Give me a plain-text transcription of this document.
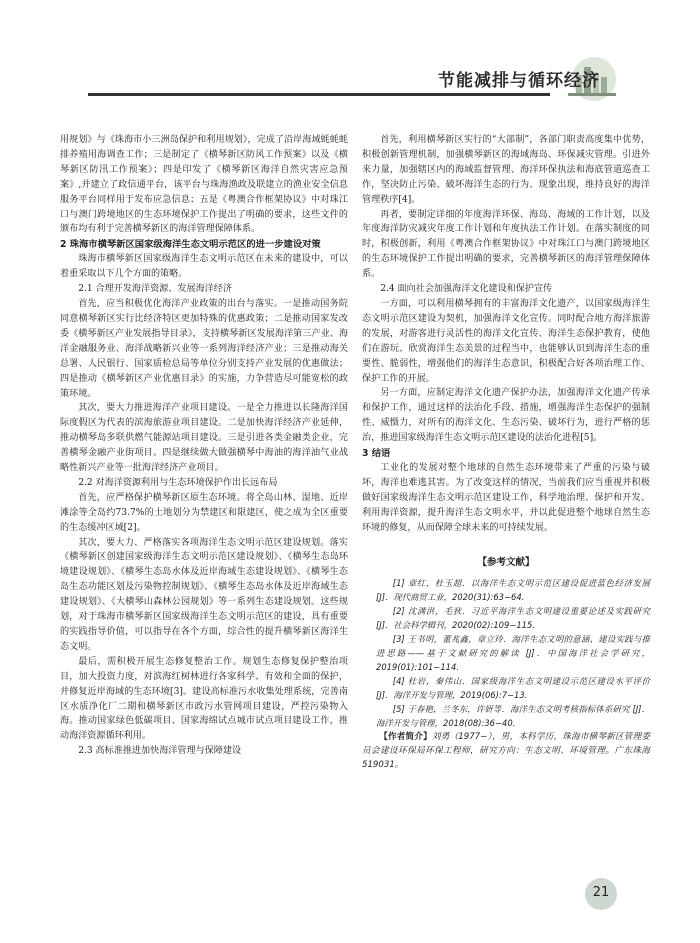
节能减排与循环经济

用规划》与《珠海市小三洲岛保护和利用规划》，完成了沿岸海域蚝蚝蚝排养殖用海调查工作；三是制定了《横琴新区防风工作预案》以及《横琴新区防汛工作预案》；四是印发了《横琴新区海洋自然灾害应急预案》,并建立了政信通平台，该平台与珠海渔政及联建立的渔业安全信息服务平台同样用于发布应急信息；五是《粤澳合作框架协议》中对珠江口与澳门跨境地区的生态环境保护工作提出了明确的要求，这些文件的颁布均有利于完善横琴新区的海洋管理保障体系。

2 珠海市横琴新区国家级海洋生态文明示范区的进一步建设对策

珠海市横琴新区国家级海洋生态文明示范区在未来的建设中，可以着重采取以下几个方面的策略。

2.1 合理开发海洋资源、发展海洋经济

首先，应当积极优化海洋产业政策的出台与落实。一是推动国务院同意横琴新区实行比经济特区更加特殊的优惠政策；二是推动国家发改委《横琴新区产业发展指导目录》，支持横琴新区发展海洋第三产业、海洋金融服务业、海洋战略新兴业等一系列海洋经济产业；三是推动海关总署、人民银行、国家质检总局等单位分别支持产业发展的优惠做法；四是推动《横琴新区产业优惠目录》的实施，力争营造尽可能宽松的政策环境。

其次，要大力推进海洋产业项目建设。一是全力推进以长隆海洋国际度假区为代表的滨海旅游业项目建设。二是加快海洋经济产业延伸，推动横琴岛多联供燃气能源站项目建设。三是引进各类金融类企业，完善横琴金融产业街项目。四是继续做大做强横琴中海油的海洋油气业战略性新兴产业等一批海洋经济产业项目。

2.2 对海洋资源利用与生态环境保护作出长远布局

首先，应严格保护横琴新区原生态环境。将全岛山林、湿地、近岸滩涂等全岛约73.7%的土地划分为禁建区和限建区，使之成为全区重要的生态缓冲区域[2]。

其次，要大力、严格落实各项海洋生态文明示范区建设规划。落实《横琴新区创建国家级海洋生态文明示范区建设规划》、《横琴生态岛环境建设规划》、《横琴生态岛水体及近岸海域生态建设规划》、《横琴生态岛生态功能区划及污染物控制规划》、《横琴生态岛水体及近岸海域生态建设规划》、《大横琴山森林公园规划》等一系列生态建设规划。这些规划，对于珠海市横琴新区国家级海洋生态文明示范区的建设，具有重要的实践指导价值，可以指导在各个方面，综合性的提升横琴新区海洋生态文明。

最后，需积极开展生态修复整治工作。规划生态修复保护整治项目，加大投资力度，对滨海红树林进行各家科学、有效和全面的保护，并修复近岸海域的生态环境[3]。建设高标准污水收集处理系统，完善南区水质净化厂二期和横琴新区市政污水管网项目建设，严控污染物入海。推动国家绿色低碳项目、国家海绵试点城市试点项目建设工作，推动海洋资源循环利用。

2.3 高标准推进加快海洋管理与保障建设

首先，利用横琴新区实行的“大部制”，各部门职责高度集中优势，积极创新管理机制，加强横琴新区的海域海岛、环保减灾管理。引进外来力量，加强辖区内的海域监督管理、海洋环保执法和海底管道巡查工作，坚决防止污染、破坏海洋生态的行为、现象出现，维持良好的海洋管理秩序[4]。

再者，要制定详细的年度海洋环保、海岛、海域的工作计划，以及年度海洋防灾减灾年度工作计划和年度执法工作计划。在落实制度的同时，积极创新，利用《粤澳合作框架协议》中对珠江口与澳门跨境地区的生态环境保护工作提出明确的要求，完善横琴新区的海洋管理保障体系。

2.4 面向社会加强海洋文化建设和保护宣传

一方面，可以利用横琴拥有的丰富海洋文化遗产，以国家级海洋生态文明示范区建设为契机，加强海洋文化宣传。同时配合地方海洋旅游的发展，对游客进行灵活性的海洋文化宣传、海洋生态保护教育，使他们在游玩、欣赏海洋生态美景的过程当中，也能够认识到海洋生态的重要性、脆弱性，增强他们的海洋生态意识，积极配合好各项治理工作、保护工作的开展。

另一方面，应制定海洋文化遗产保护办法，加强海洋文化遗产传承和保护工作，通过这样的法治化手段、措施，增强海洋生态保护的强制性、威慑力，对所有的海洋文化、生态污染、破坏行为，进行严格的惩治，推进国家级海洋生态文明示范区建设的法治化进程[5]。

3 结语

工业化的发展对整个地球的自然生态环境带来了严重的污染与破坏，海洋也难逃其害。为了改变这样的情况，当前我们应当重视并积极做好国家级海洋生态文明示范区建设工作，科学地治理、保护和开发、利用海洋资源，提升海洋生态文明水平，并以此促进整个地球自然生态环境的修复，从而保障全球未来的可持续发展。

【参考文献】

[1] 章红，杜玉超．以海洋生态文明示范区建设促进蓝色经济发展 [J]．现代商贸工业，2020(31):63−64.

[2] 沈满洪，毛狄．习近平海洋生态文明建设重要论述及实践研究 [J]．社会科学辑刊，2020(02):109−115.

[3] 王书明，董兆鑫，章立玲．海洋生态文明的意涵、建设实践与推进思路——基于文献研究的解读 [J]．中国海洋社会学研究，2019(01):101−114.

[4] 杜岩，秦伟山．国家级海洋生态文明建设示范区建设水平评价 [J]．海洋开发与管理，2019(06):7−13.

[5] 于春艳，兰冬东，许妍等．海洋生态文明考核指标体系研究 [J]．海洋开发与管理，2018(08):36−40.

【作者简介】刘勇（1977−），男，本科学历，珠海市横琴新区管理委员会建设环保局环保工程师，研究方向：生态文明、环境管理。广东珠海 519031。

21
